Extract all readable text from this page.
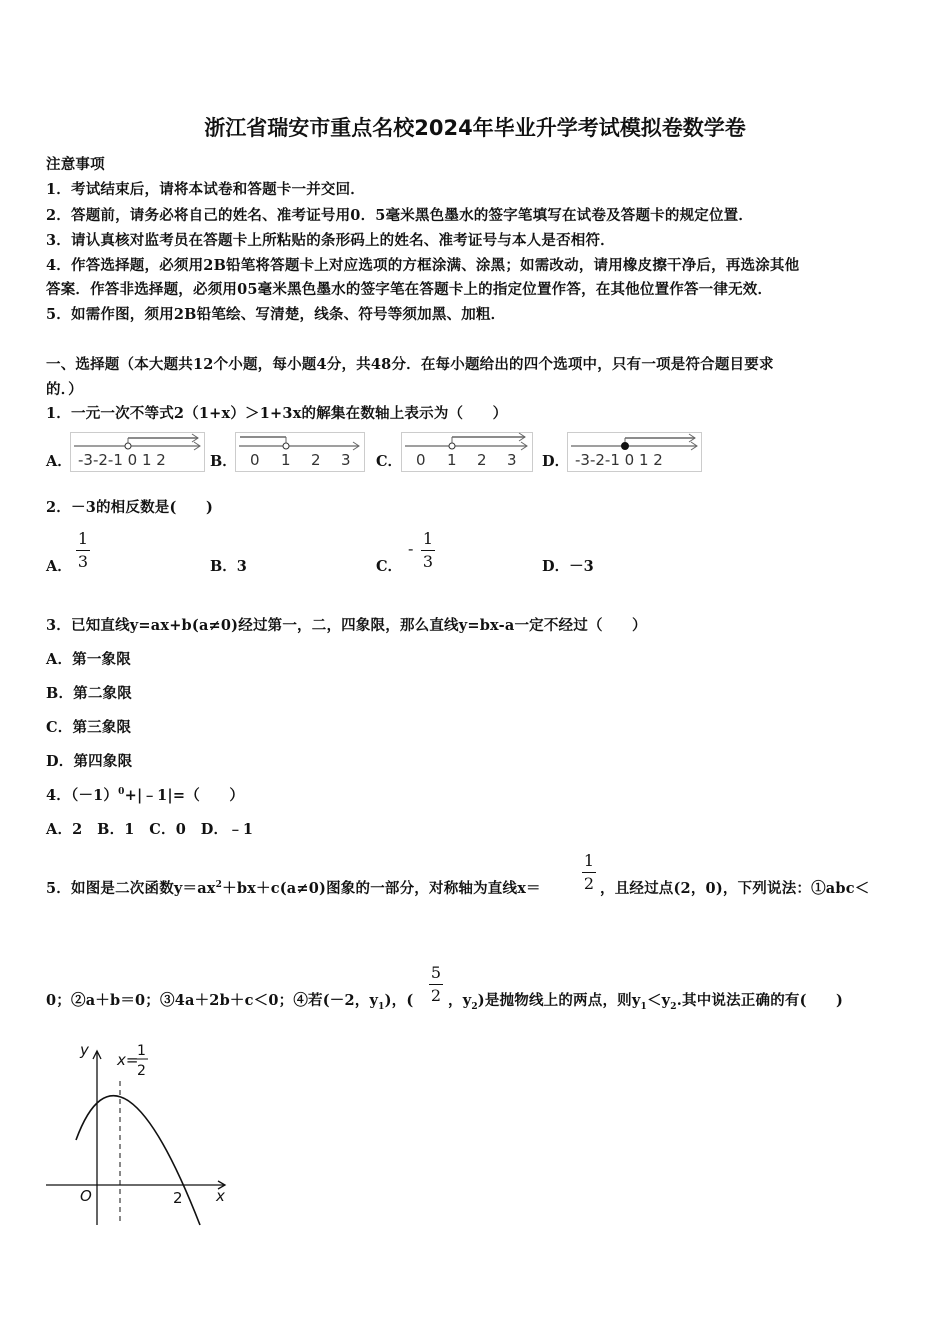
浙江省瑞安市重点名校2024年毕业升学考试模拟卷数学卷
注意事项
1．考试结束后，请将本试卷和答题卡一并交回．
2．答题前，请务必将自己的姓名、准考证号用0．5毫米黑色墨水的签字笔填写在试卷及答题卡的规定位置．
3．请认真核对监考员在答题卡上所粘贴的条形码上的姓名、准考证号与本人是否相符．
4．作答选择题，必须用2B铅笔将答题卡上对应选项的方框涂满、涂黑；如需改动，请用橡皮擦干净后，再选涂其他
答案．作答非选择题，必须用05毫米黑色墨水的签字笔在答题卡上的指定位置作答，在其他位置作答一律无效．
5．如需作图，须用2B铅笔绘、写清楚，线条、符号等须加黑、加粗．
一、选择题（本大题共12个小题，每小题4分，共48分．在每小题给出的四个选项中，只有一项是符合题目要求
的．）
1．一元一次不等式2（1+x）＞1+3x的解集在数轴上表示为（　　）
A． -3-2-1 0 1 2	B． 0 1 2 3 C． 0 1 2 3 D． -3-2-1 0 1 2
2．－3的相反数是(　　)
A．
1
3	B．3	C．
-
1
3	D．－3
3．已知直线y=ax+b(a≠0)经过第一，二，四象限，那么直线y=bx-a一定不经过（　　）
A．第一象限
B．第二象限
C．第三象限
D．第四象限
4．$(-1)^0+|﹣1|=$（　　）
A．2　B．1　C．0　D．﹣1
5．如图是二次函数$y=ax^2+bx+c(a\ne 0)$图象的一部分，对称轴为直线x＝
1
2 ，且经过点(2，0)，下列说法：①abc＜
0；②a＋b＝0；③4a＋2b＋c＜0；④若(－2，$y_1$)，(
5
2 ，$y_2$)是抛物线上的两点，则$y_1<y_2$.其中说法正确的有(　　)
y
x
O	2
x=
1
2
